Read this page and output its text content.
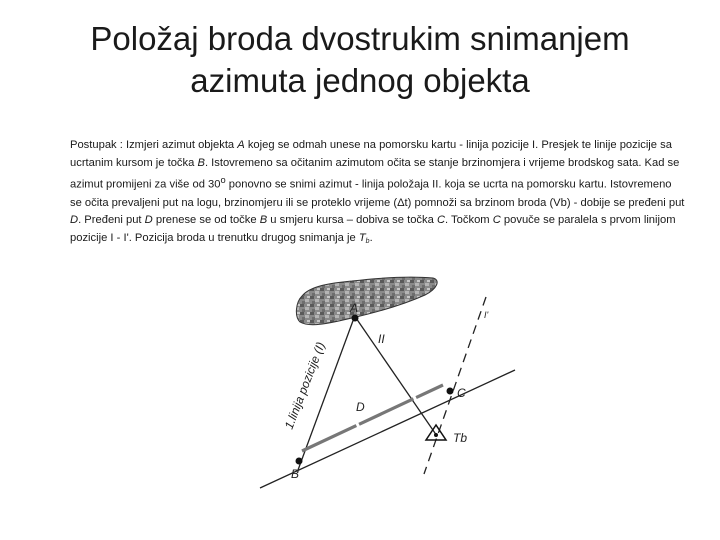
Položaj broda dvostrukim snimanjem
azimuta jednog objekta
Postupak : Izmjeri azimut objekta A kojeg se odmah unese na pomorsku kartu - linija pozicije I. Presjek te linije pozicije sa ucrtanim kursom je točka B. Istovremeno sa očitanim azimutom očita se stanje brzinomjera i vrijeme brodskog sata. Kad se azimut promijeni za više od 30$^o$ ponovno se snimi azimut - linija položaja II. koja se ucrta na pomorsku kartu. Istovremeno se očita prevaljeni put na logu, brzinomjeru ili se proteklo vrijeme (Δt) pomnoži sa brzinom broda (Vb) - dobije se pređeni put D. Pređeni put D prenese se od točke B u smjeru kursa – dobiva se točka C. Točkom C povuče se paralela s prvom linijom pozicije I - I'. Pozicija broda u trenutku drugog snimanja je $T_b$.
A
II
1.linija pozicije (I) D
C
B
Tb
I'
